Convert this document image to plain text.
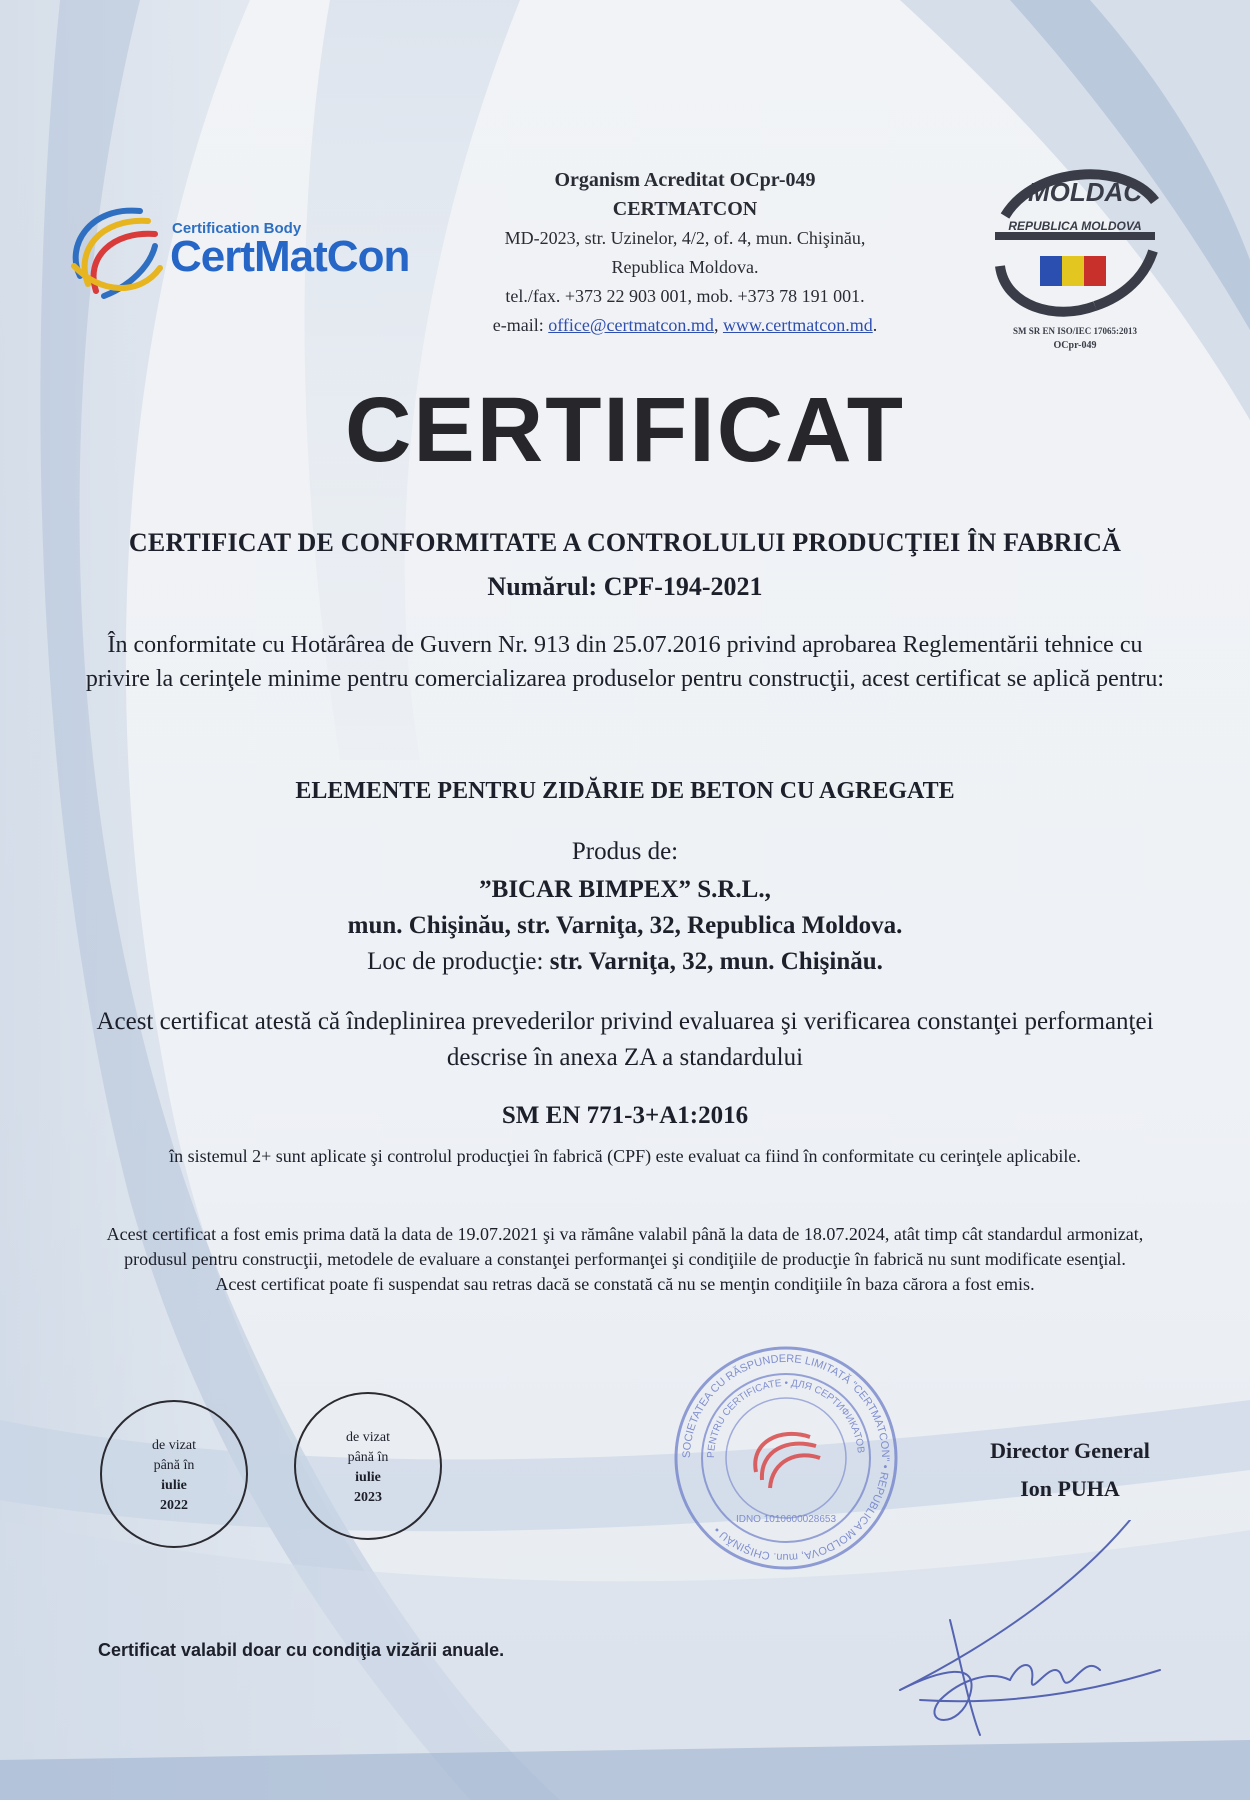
Certification Body
CertMatCon
Organism Acreditat OCpr-049
CERTMATCON
MD-2023, str. Uzinelor, 4/2, of. 4, mun. Chişinău,
Republica Moldova.
tel./fax. +373 22 903 001, mob. +373 78 191 001.
e-mail: office@certmatcon.md, www.certmatcon.md.
MOLDAC
REPUBLICA MOLDOVA
SM SR EN ISO/IEC 17065:2013
OCpr-049
CERTIFICAT
CERTIFICAT DE CONFORMITATE A CONTROLULUI PRODUCŢIEI ÎN FABRICĂ
Numărul: CPF-194-2021
În conformitate cu Hotărârea de Guvern Nr. 913 din 25.07.2016 privind aprobarea Reglementării tehnice cu privire la cerinţele minime pentru comercializarea produselor pentru construcţii, acest certificat se aplică pentru:
ELEMENTE PENTRU ZIDĂRIE DE BETON CU AGREGATE
Produs de:
”BICAR BIMPEX” S.R.L.,
mun. Chişinău, str. Varniţa, 32, Republica Moldova.
Loc de producţie: str. Varniţa, 32, mun. Chişinău.
Acest certificat atestă că îndeplinirea prevederilor privind evaluarea şi verificarea constanţei performanţei descrise în anexa ZA a standardului
SM EN 771-3+A1:2016
în sistemul 2+ sunt aplicate şi controlul producţiei în fabrică (CPF) este evaluat ca fiind în conformitate cu cerinţele aplicabile.
Acest certificat a fost emis prima dată la data de 19.07.2021 şi va rămâne valabil până la data de 18.07.2024, atât timp cât standardul armonizat, produsul pentru construcţii, metodele de evaluare a constanţei performanţei şi condiţiile de producţie în fabrică nu sunt modificate esenţial.
Acest certificat poate fi suspendat sau retras dacă se constată că nu se menţin condiţiile în baza cărora a fost emis.
de vizat
până în
iulie
2022
de vizat
până în
iulie
2023
SOCIETATEA CU RĂSPUNDERE LIMITATĂ "CERTMATCON" • REPUBLICA MOLDOVA, mun. CHIŞINĂU •
PENTRU CERTIFICATE • ДЛЯ СЕРТИФИКАТОВ
IDNO 1010600028653
Director General
Ion PUHA
Certificat valabil doar cu condiţia vizării anuale.
